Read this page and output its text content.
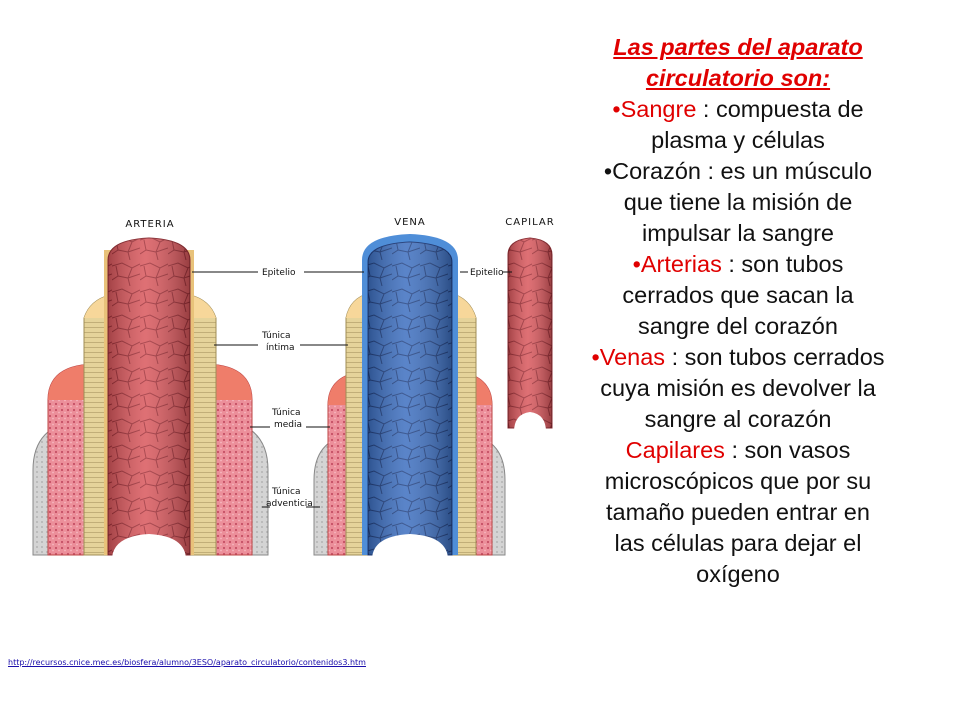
ARTERIA	VENA	CAPILAR
Epitelio	Epitelio
Túnica
íntima
Túnica
media
Túnica
adventicia
Las partes del aparato
circulatorio son:
•Sangre : compuesta de plasma y células
•Corazón : es un músculo que tiene la misión de impulsar la sangre
•Arterias : son tubos cerrados que sacan la sangre del corazón
•Venas : son tubos cerrados cuya misión es devolver la sangre al corazón
Capilares : son vasos microscópicos que por su tamaño pueden entrar en las células para dejar el oxígeno
http://recursos.cnice.mec.es/biosfera/alumno/3ESO/aparato_circulatorio/contenidos3.htm
